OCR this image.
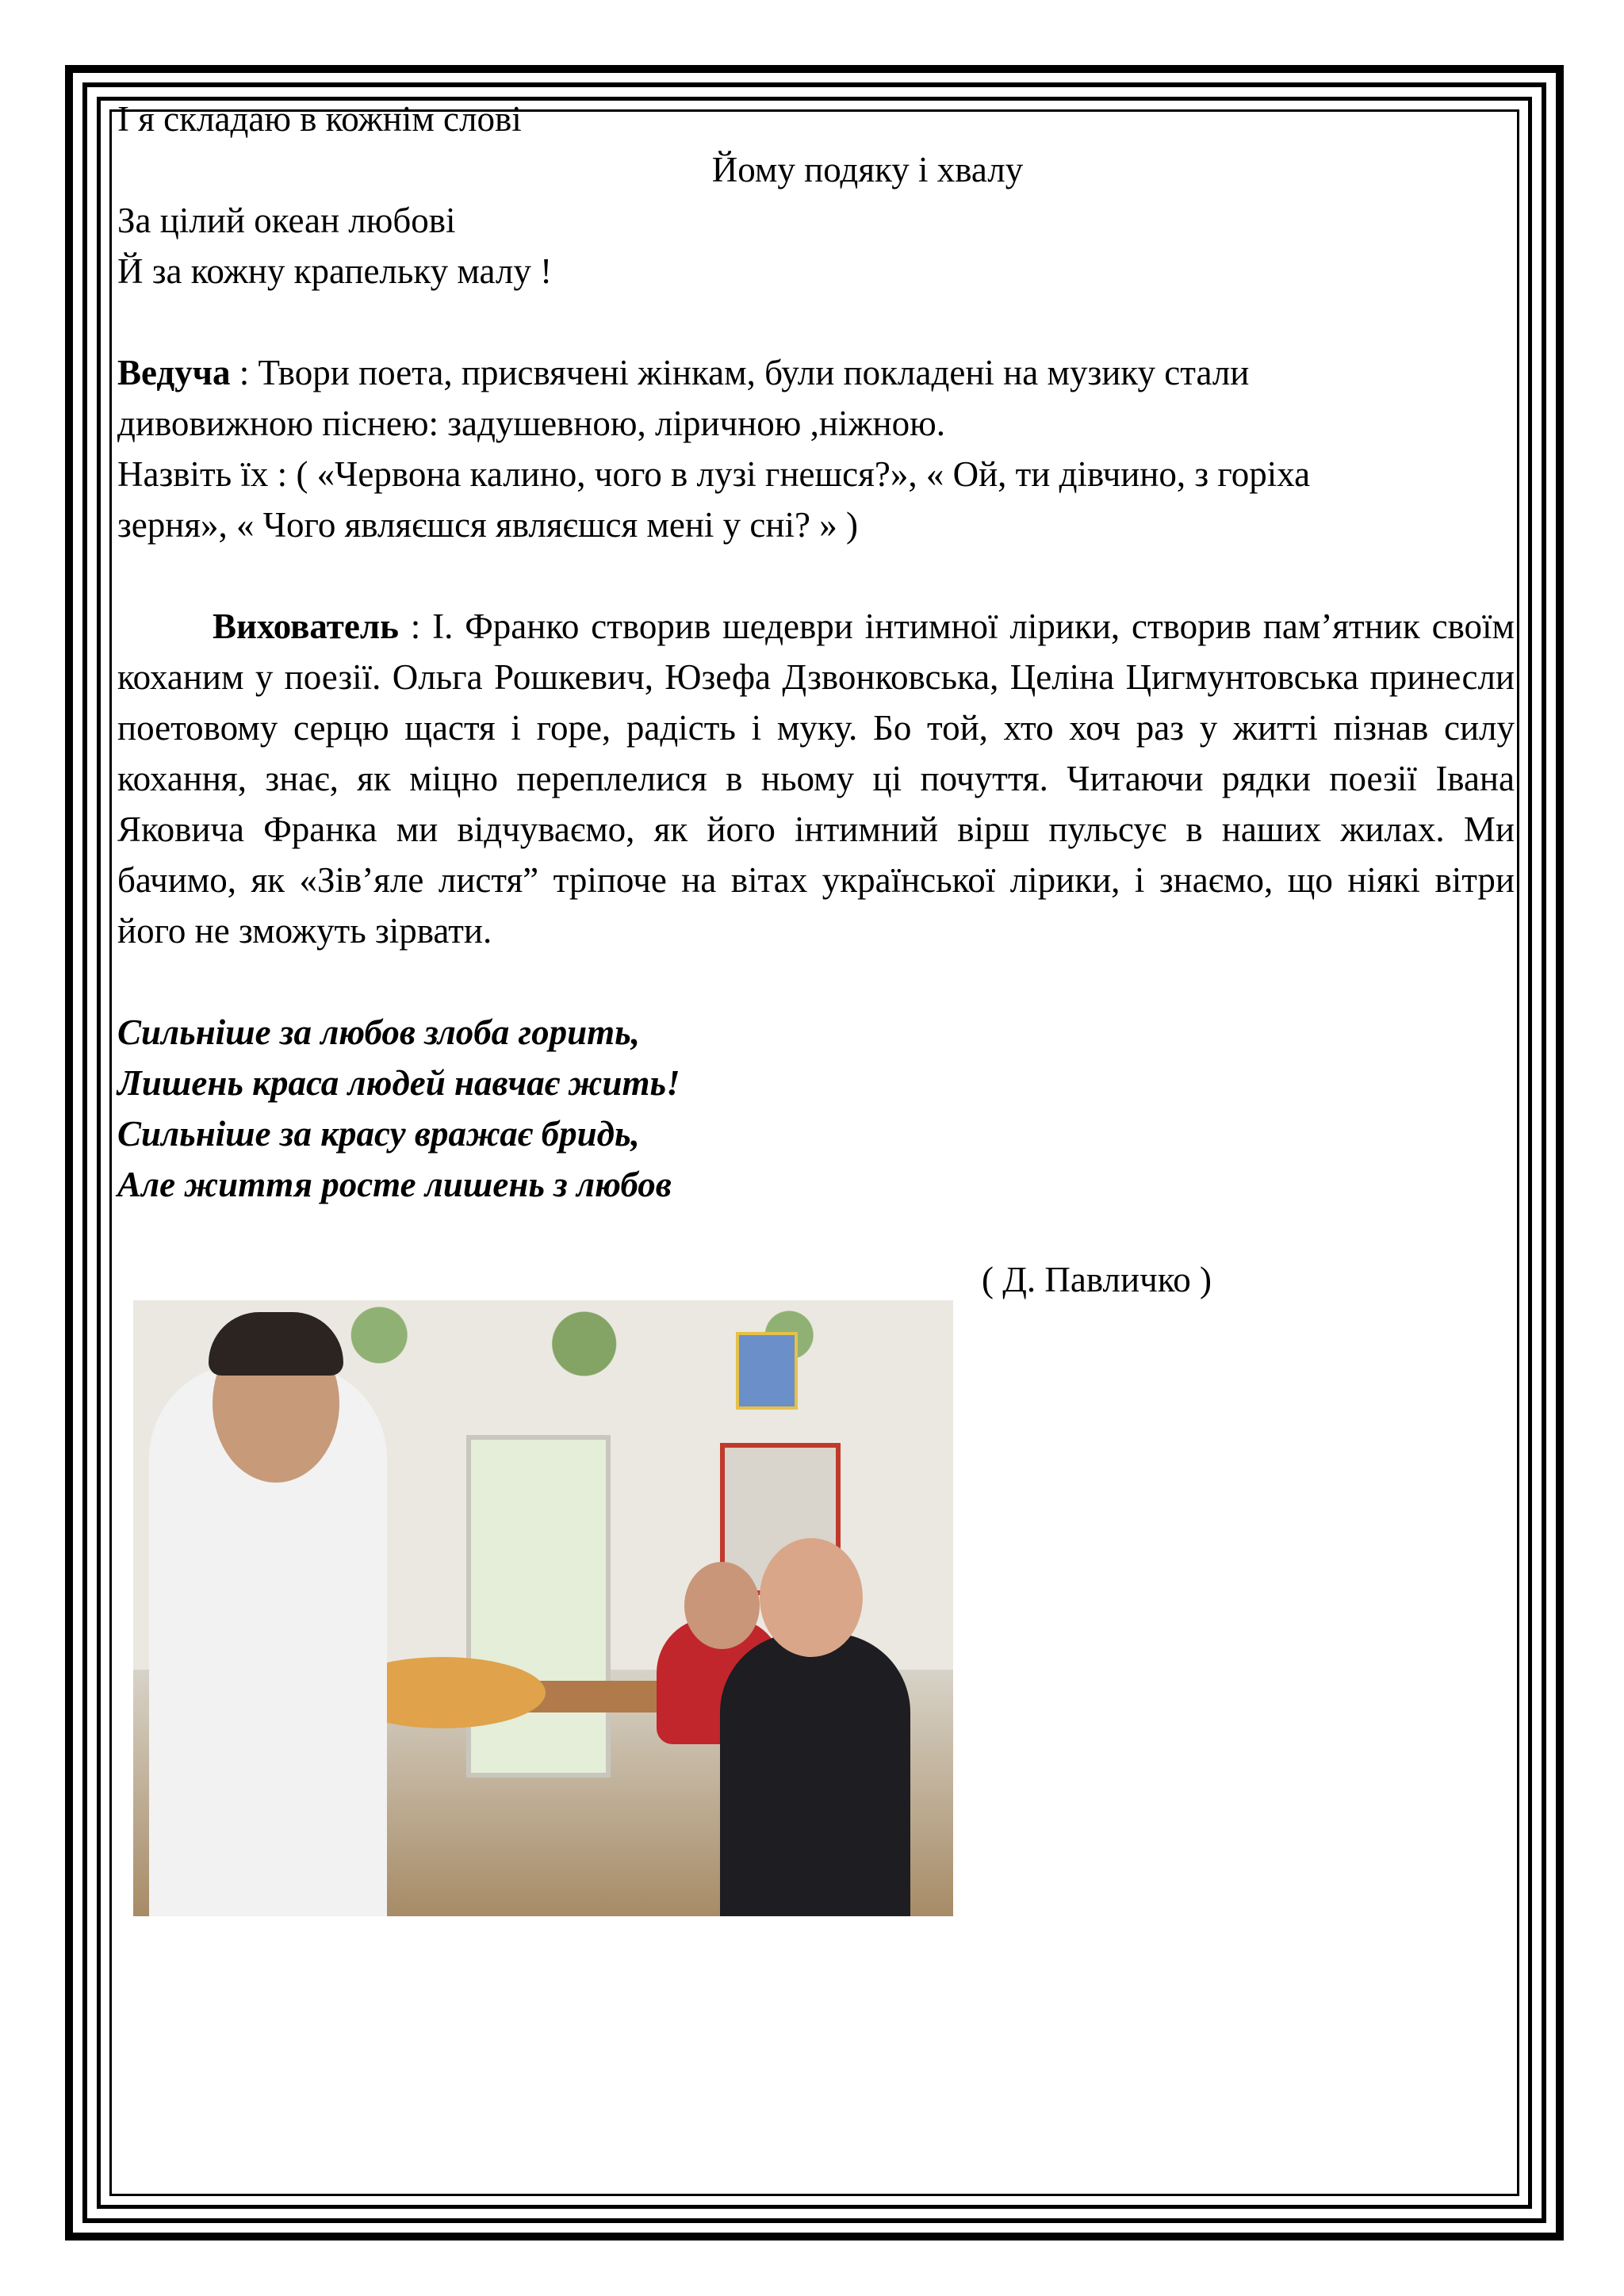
І я складаю в кожнім слові

Йому подяку і хвалу

За цілий океан любові

Й за кожну крапельку малу !

Ведуча : Твори поета, присвячені жінкам, були покладені на музику стали

дивовижною піснею: задушевною, ліричною ,ніжною.

Назвіть їх : ( «Червона калино, чого в лузі гнешся?», « Ой, ти дівчино, з горіха

зерня», « Чого являєшся являєшся мені у сні? » )

Вихователь : І. Франко створив шедеври інтимної лірики, створив пам’ятник своїм коханим у поезії. Ольга Рошкевич, Юзефа Дзвонковська, Целіна Цигмунтовська принесли поетовому серцю щастя і горе, радість і муку. Бо той, хто хоч раз у житті пізнав силу кохання, знає, як міцно переплелися в ньому ці почуття. Читаючи рядки поезії Івана Яковича Франка ми відчуваємо, як його інтимний вірш пульсує в наших жилах. Ми бачимо, як «Зів’яле листя” тріпоче на вітах української лірики, і знаємо, що ніякі вітри його не зможуть зірвати.

Сильніше за любов злоба горить,

Лишень краса людей навчає жить!

Сильніше за красу вражає бридь,

Але життя росте лишень з любов

( Д. Павличко )
